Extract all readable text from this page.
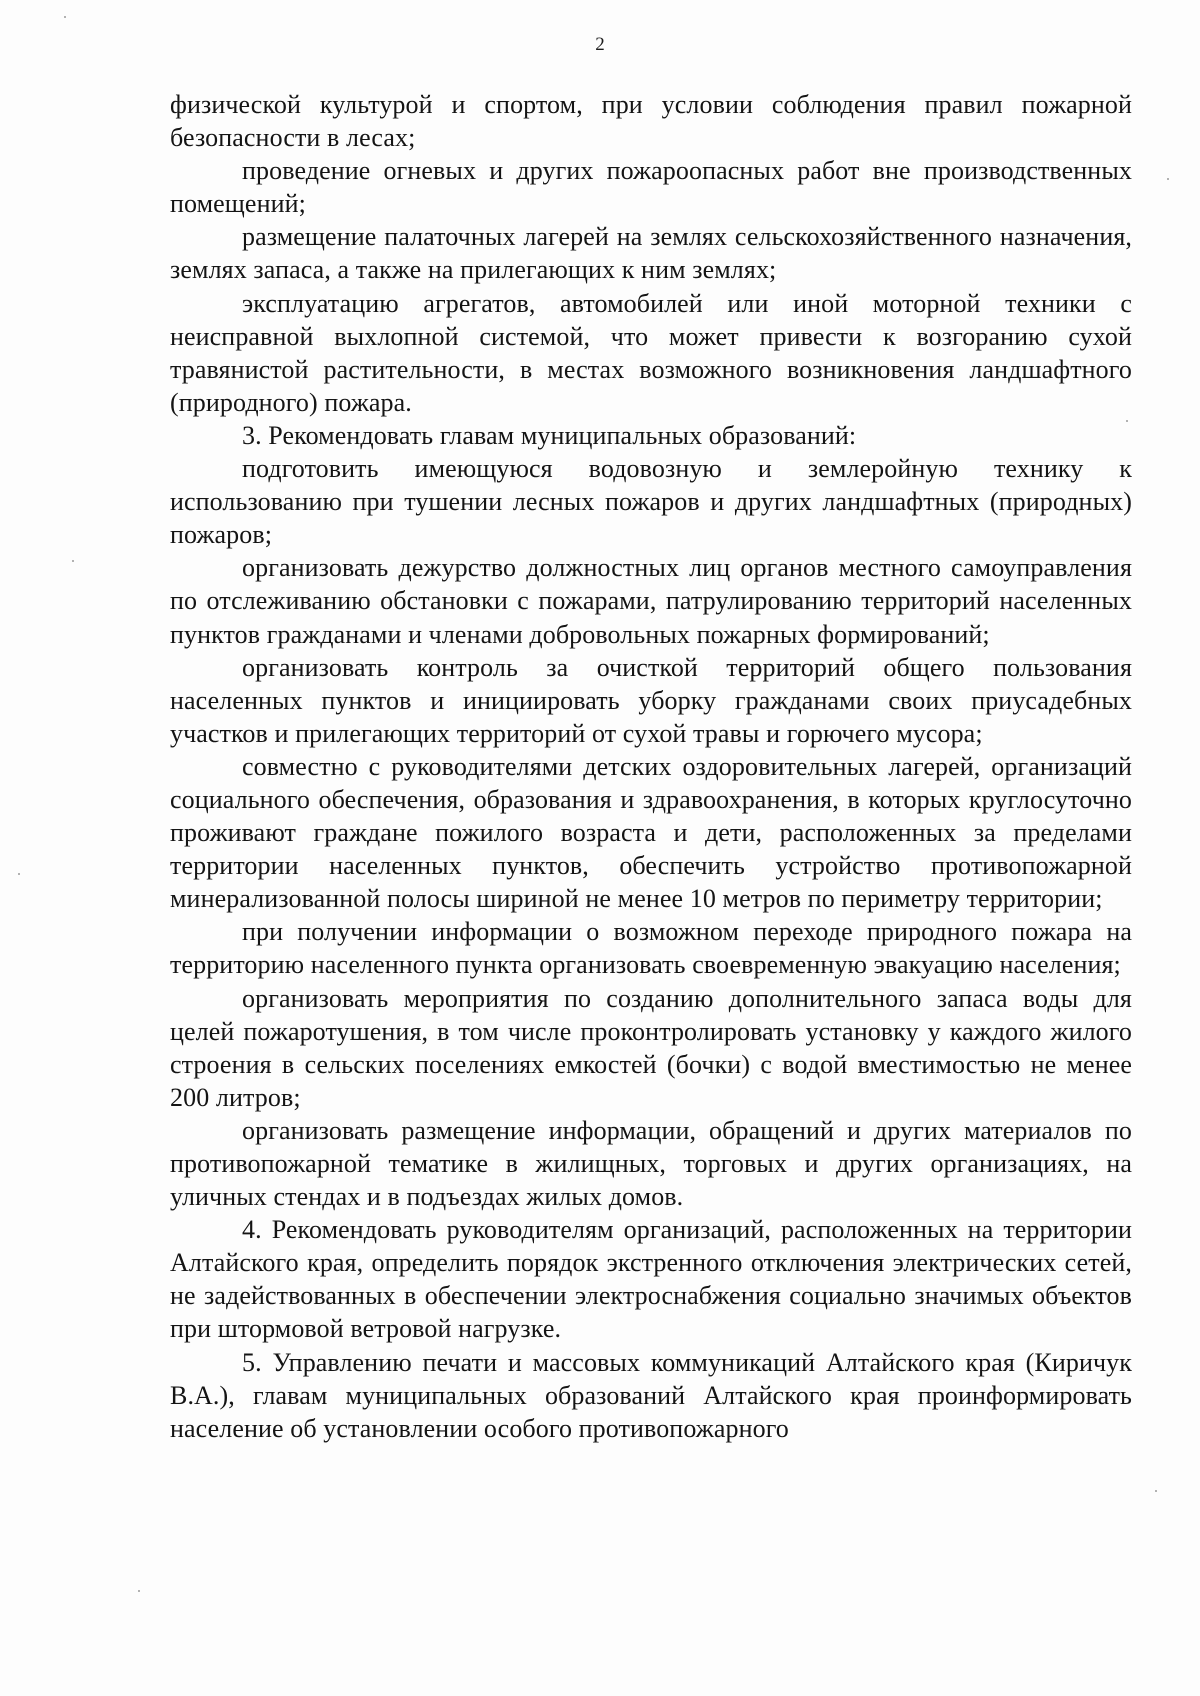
2

физической культурой и спортом, при условии соблюдения правил пожарной безопасности в лесах;

проведение огневых и других пожароопасных работ вне производственных помещений;

размещение палаточных лагерей на землях сельскохозяйственного назначения, землях запаса, а также на прилегающих к ним землях;

эксплуатацию агрегатов, автомобилей или иной моторной техники с неисправной выхлопной системой, что может привести к возгоранию сухой травянистой растительности, в местах возможного возникновения ландшафтного (природного) пожара.

3. Рекомендовать главам муниципальных образований:

подготовить имеющуюся водовозную и землеройную технику к использованию при тушении лесных пожаров и других ландшафтных (природных) пожаров;

организовать дежурство должностных лиц органов местного самоуправления по отслеживанию обстановки с пожарами, патрулированию территорий населенных пунктов гражданами и членами добровольных пожарных формирований;

организовать контроль за очисткой территорий общего пользования населенных пунктов и инициировать уборку гражданами своих приусадебных участков и прилегающих территорий от сухой травы и горючего мусора;

совместно с руководителями детских оздоровительных лагерей, организаций социального обеспечения, образования и здравоохранения, в которых круглосуточно проживают граждане пожилого возраста и дети, расположенных за пределами территории населенных пунктов, обеспечить устройство противопожарной минерализованной полосы шириной не менее 10 метров по периметру территории;

при получении информации о возможном переходе природного пожара на территорию населенного пункта организовать своевременную эвакуацию населения;

организовать мероприятия по созданию дополнительного запаса воды для целей пожаротушения, в том числе проконтролировать установку у каждого жилого строения в сельских поселениях емкостей (бочки) с водой вместимостью не менее 200 литров;

организовать размещение информации, обращений и других материалов по противопожарной тематике в жилищных, торговых и других организациях, на уличных стендах и в подъездах жилых домов.

4. Рекомендовать руководителям организаций, расположенных на территории Алтайского края, определить порядок экстренного отключения электрических сетей, не задействованных в обеспечении электроснабжения социально значимых объектов при штормовой ветровой нагрузке.

5. Управлению печати и массовых коммуникаций Алтайского края (Киричук В.А.), главам муниципальных образований Алтайского края проинформировать население об установлении особого противопожарного
